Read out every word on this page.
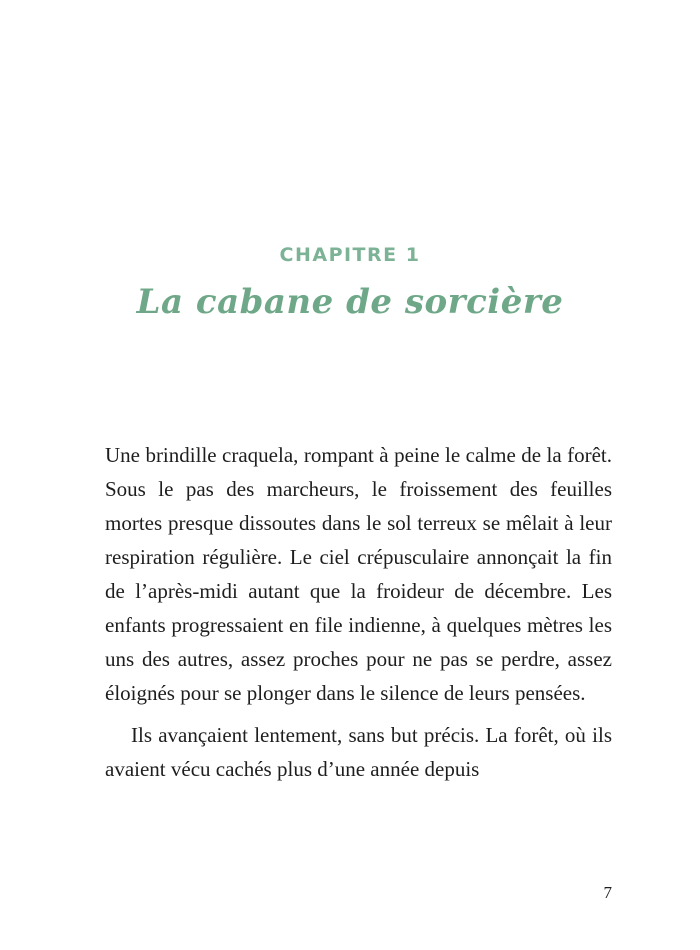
CHAPITRE 1
La cabane de sorcière

Une brindille craquela, rompant à peine le calme de la forêt. Sous le pas des marcheurs, le froissement des feuilles mortes presque dissoutes dans le sol terreux se mêlait à leur respiration régulière. Le ciel crépusculaire annonçait la fin de l’après-midi autant que la froideur de décembre. Les enfants progressaient en file indienne, à quelques mètres les uns des autres, assez proches pour ne pas se perdre, assez éloignés pour se plonger dans le silence de leurs pensées.

Ils avançaient lentement, sans but précis. La forêt, où ils avaient vécu cachés plus d’une année depuis

7
